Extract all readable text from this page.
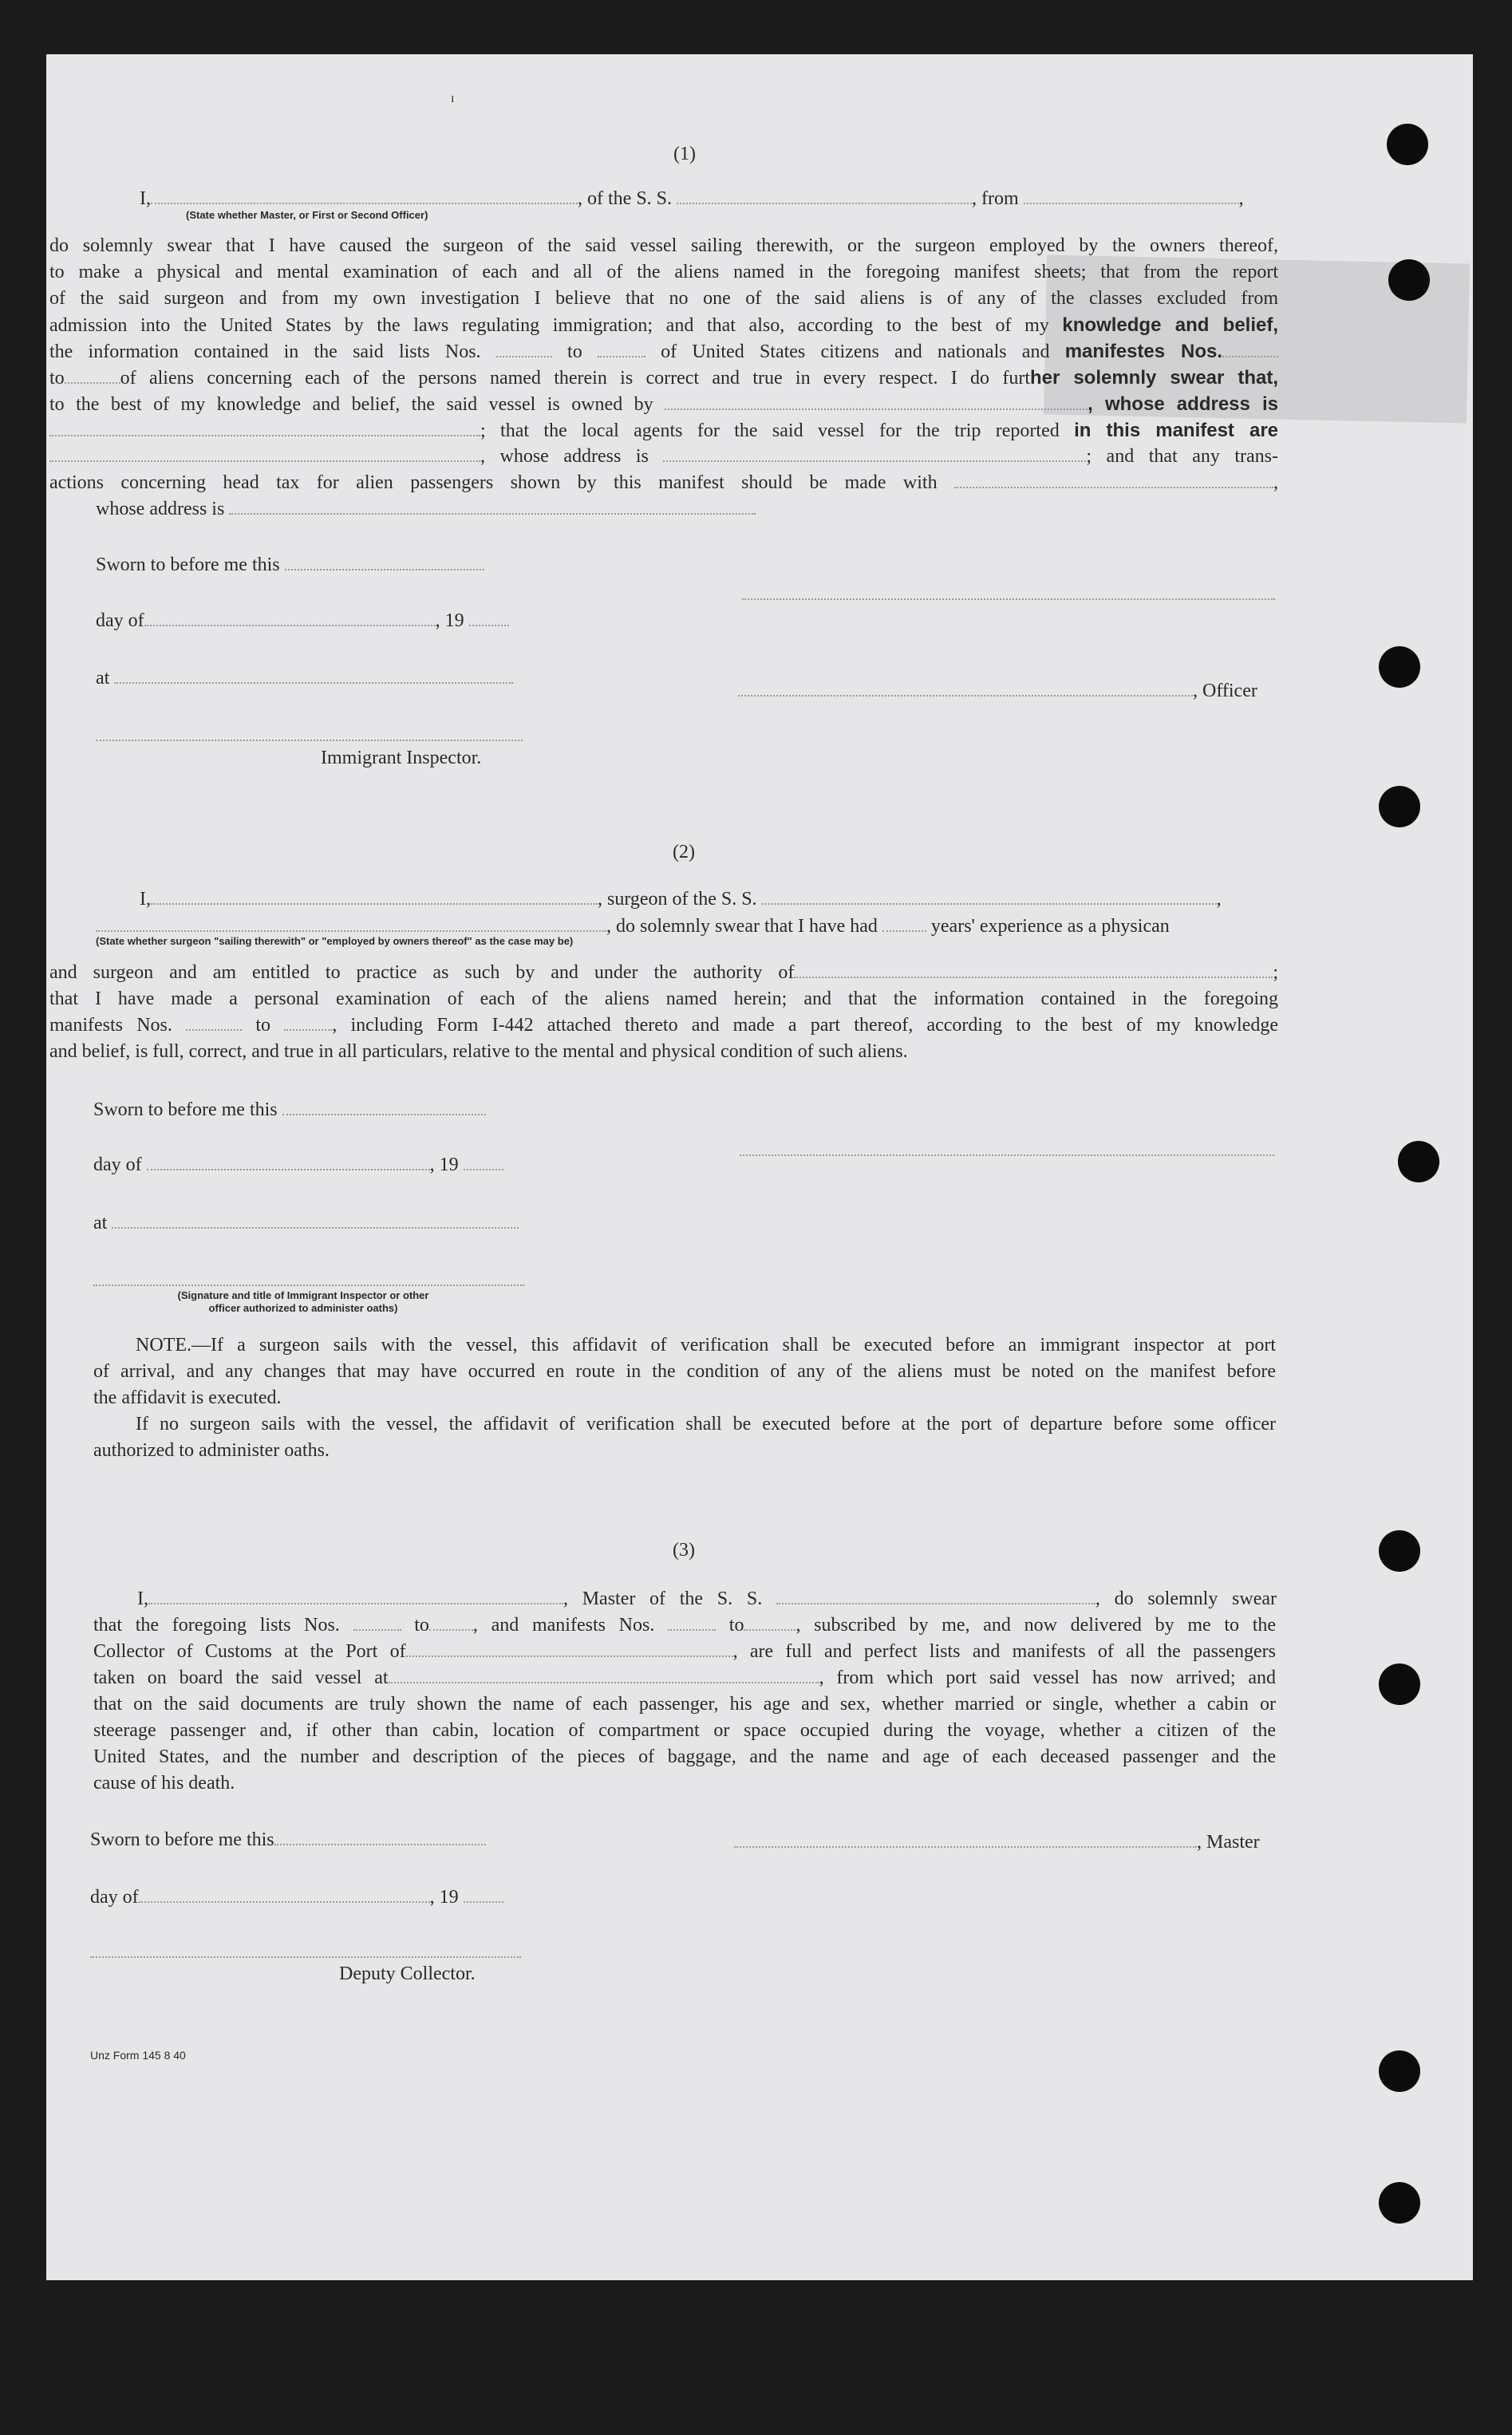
ɪ

(1)

I,	, of the S. S.	, from	,

(State whether Master, or First or Second Officer)

do solemnly swear that I have caused the surgeon of the said vessel sailing therewith, or the surgeon employed by the owners thereof,

to make a physical and mental examination of each and all of the aliens named in the foregoing manifest sheets; that from the report

of the said surgeon and from my own investigation I believe that no one of the said aliens is of any of the classes excluded from

admission into the United States by the laws regulating immigration; and that also, according to the best of my knowledge and belief,

the information contained in the said lists Nos.	to	of United States citizens and nationals and manifestes Nos.

to	of aliens concerning each of the persons named therein is correct and true in every respect. I do further solemnly swear that,

to the best of my knowledge and belief, the said vessel is owned by	, whose address is

; that the local agents for the said vessel for the trip reported in this manifest are

, whose address is	; and that any trans-

actions concerning head tax for alien passengers shown by this manifest should be made with	,

whose address is

Sworn to before me this

day of	, 19

at

, Officer

Immigrant Inspector.

(2)

I,	, surgeon of the S. S.	,

, do solemnly swear that I have had	years' experience as a physican

(State whether surgeon "sailing therewith" or "employed by owners thereof" as the case may be)

and surgeon and am entitled to practice as such by and under the authority of	;

that I have made a personal examination of each of the aliens named herein; and that the information contained in the foregoing

manifests Nos.	to	, including Form I-442 attached thereto and made a part thereof, according to the best of my knowledge

and belief, is full, correct, and true in all particulars, relative to the mental and physical condition of such aliens.

Sworn to before me this

day of	, 19

at

(Signature and title of Immigrant Inspector or other
officer authorized to administer oaths)

NOTE.—If a surgeon sails with the vessel, this affidavit of verification shall be executed before an immigrant inspector at port

of arrival, and any changes that may have occurred en route in the condition of any of the aliens must be noted on the manifest before

the affidavit is executed.

If no surgeon sails with the vessel, the affidavit of verification shall be executed before at the port of departure before some officer

authorized to administer oaths.

(3)

I,	, Master of the S. S.	, do solemnly swear

that the foregoing lists Nos.	to , and manifests Nos.	to	, subscribed by me, and now delivered by me to the

Collector of Customs at the Port of	, are full and perfect lists and manifests of all the passengers

taken on board the said vessel at	, from which port said vessel has now arrived; and

that on the said documents are truly shown the name of each passenger, his age and sex, whether married or single, whether a cabin or

steerage passenger and, if other than cabin, location of compartment or space occupied during the voyage, whether a citizen of the

United States, and the number and description of the pieces of baggage, and the name and age of each deceased passenger and the

cause of his death.

Sworn to before me this	, Master

day of	, 19

Deputy Collector.

Unz Form 145 8 40
